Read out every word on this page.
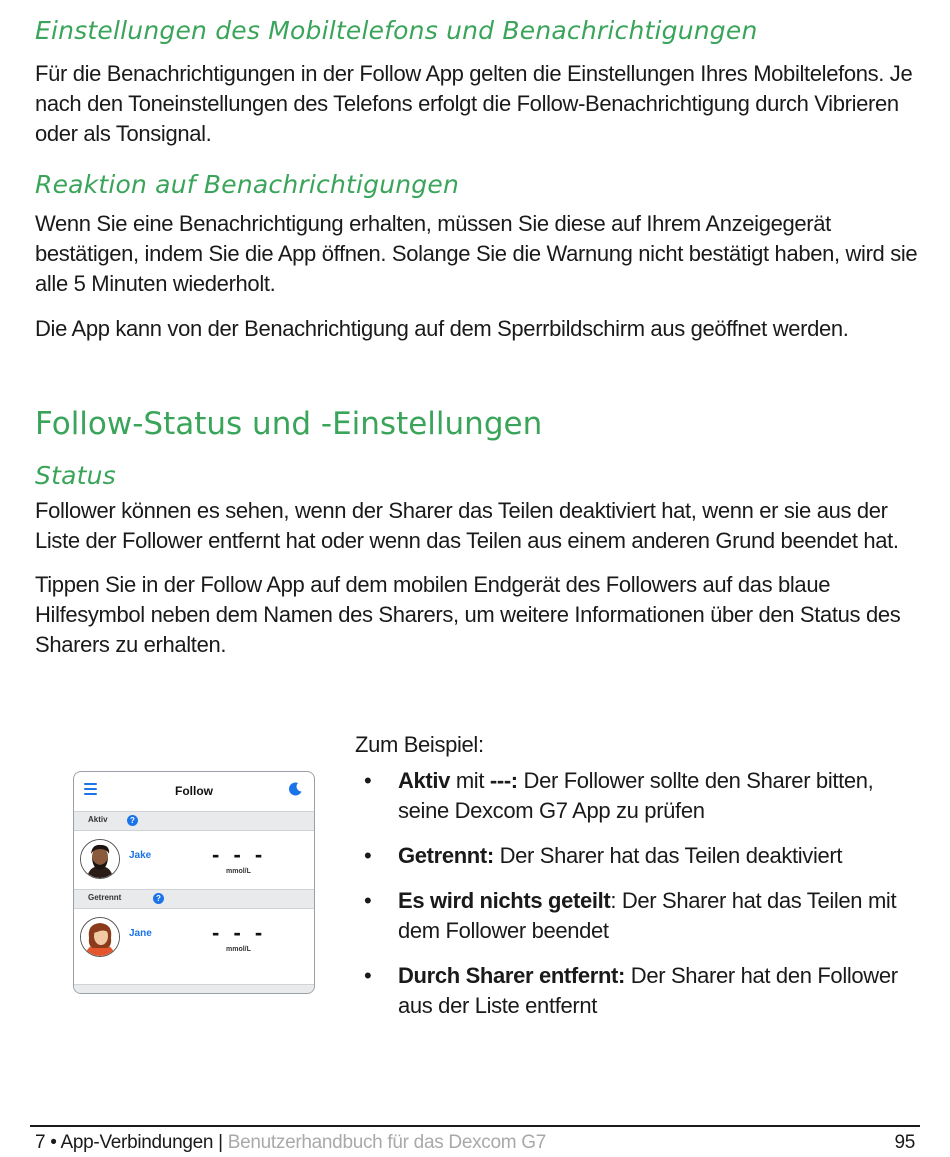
Einstellungen des Mobiltelefons und Benachrichtigungen

Für die Benachrichtigungen in der Follow App gelten die Einstellungen Ihres Mobiltelefons. Je nach den Toneinstellungen des Telefons erfolgt die Follow-Benachrichtigung durch Vibrieren oder als Tonsignal.

Reaktion auf Benachrichtigungen

Wenn Sie eine Benachrichtigung erhalten, müssen Sie diese auf Ihrem Anzeigegerät bestätigen, indem Sie die App öffnen. Solange Sie die Warnung nicht bestätigt haben, wird sie alle 5 Minuten wiederholt.

Die App kann von der Benachrichtigung auf dem Sperrbildschirm aus geöffnet werden.

Follow-Status und -Einstellungen
Status

Follower können es sehen, wenn der Sharer das Teilen deaktiviert hat, wenn er sie aus der Liste der Follower entfernt hat oder wenn das Teilen aus einem anderen Grund beendet hat.

Tippen Sie in der Follow App auf dem mobilen Endgerät des Followers auf das blaue Hilfesymbol neben dem Namen des Sharers, um weitere Informationen über den Status des Sharers zu erhalten.

Zum Beispiel:
Follow
Aktiv	?
Jake	- - -
mmol/L
Getrennt	?
Jane	- - -
mmol/L
• Aktiv mit ---: Der Follower sollte den Sharer bitten, seine Dexcom G7 App zu prüfen
• Getrennt: Der Sharer hat das Teilen deaktiviert
• Es wird nichts geteilt: Der Sharer hat das Teilen mit dem Follower beendet
• Durch Sharer entfernt: Der Sharer hat den Follower aus der Liste entfernt
7 • App-Verbindungen | Benutzerhandbuch für das Dexcom G7	95
